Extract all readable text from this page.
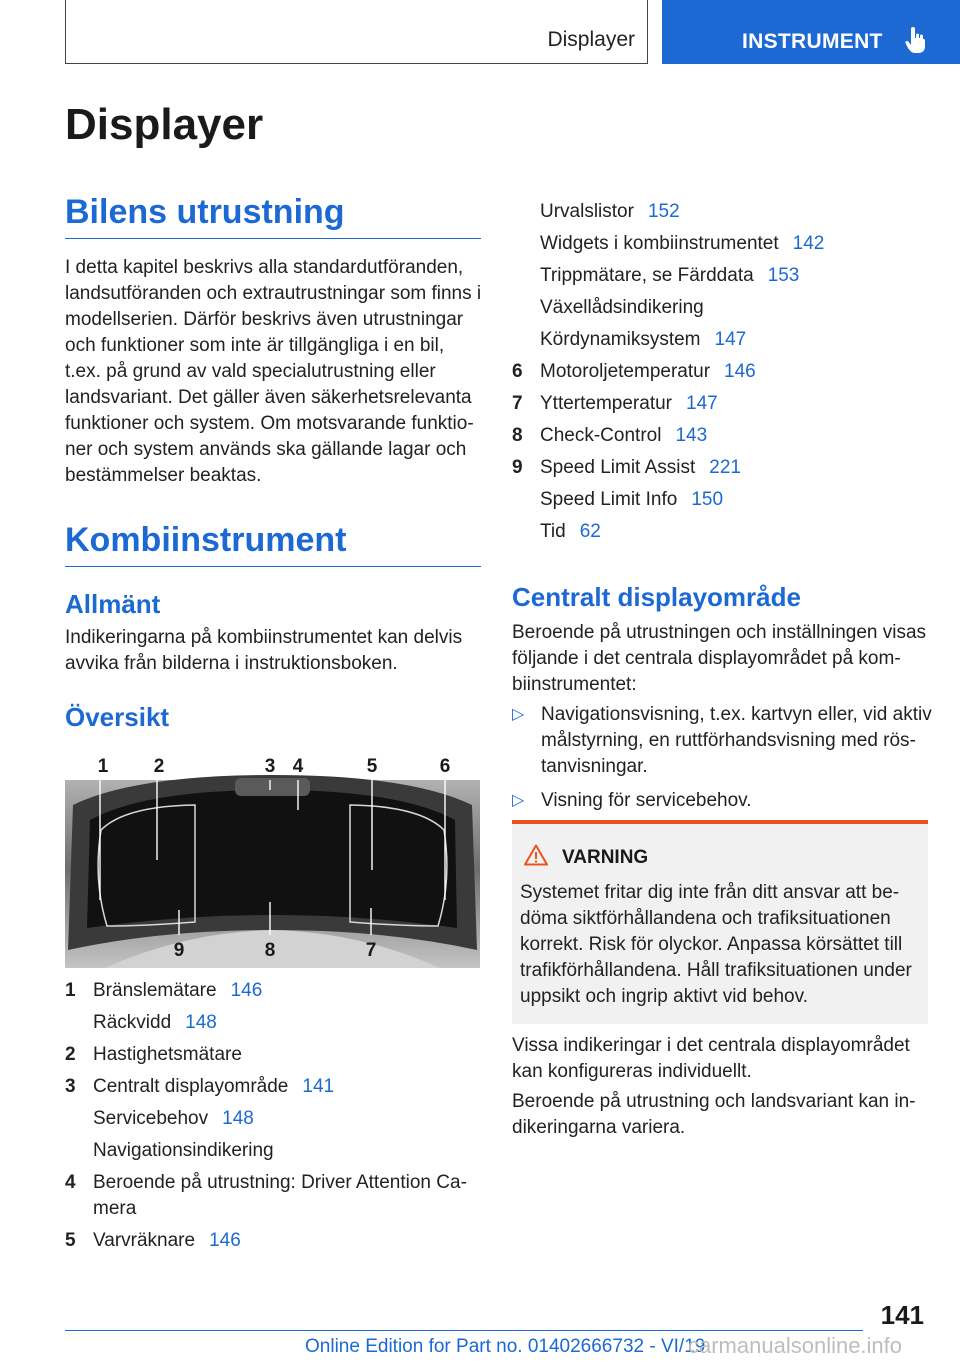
Displayer	INSTRUMENT
Displayer
Bilens utrustning

I detta kapitel beskrivs alla standardutföranden, landsutföranden och extrautrustningar som finns i modellserien. Därför beskrivs även utrustningar och funktioner som inte är tillgängliga i en bil, t.ex. på grund av vald specialutrustning eller landsvariant. Det gäller även säkerhetsrelevanta funktioner och system. Om motsvarande funktioner och system används ska gällande lagar och bestämmelser beaktas.

Kombiinstrument
Allmänt

Indikeringarna på kombiinstrumentet kan delvis avvika från bilderna i instruktionsboken.

Översikt
1 2	3 4	5	6
9	8	7
1 Bränslemätare 146
Räckvidd 148
2 Hastighetsmätare
3 Centralt displayområde 141
Servicebehov 148
Navigationsindikering
4 Beroende på utrustning: Driver Attention Camera
5 Varvräknare 146
Urvalslistor 152
Widgets i kombiinstrumentet 142
Trippmätare, se Färddata 153
Växellådsindikering
Kördynamiksystem 147
6 Motoroljetemperatur 146
7 Yttertemperatur 147
8 Check-Control 143
9 Speed Limit Assist 221
Speed Limit Info 150
Tid 62
Centralt displayområde

Beroende på utrustningen och inställningen visas följande i det centrala displayområdet på kombiinstrumentet:

▷ Navigationsvisning, t.ex. kartvyn eller, vid aktiv målstyrning, en ruttförhandsvisning med röstanvisningar.
▷ Visning för servicebehov.
VARNING

Systemet fritar dig inte från ditt ansvar att bedöma siktförhållandena och trafiksituationen korrekt. Risk för olyckor. Anpassa körsättet till trafikförhållandena. Håll trafiksituationen under uppsikt och ingrip aktivt vid behov.

Vissa indikeringar i det centrala displayområdet kan konfigureras individuellt.

Beroende på utrustning och landsvariant kan indikeringarna variera.

141
Online Edition for Part no. 01402666732 - VI/19
carmanualsonline.info
